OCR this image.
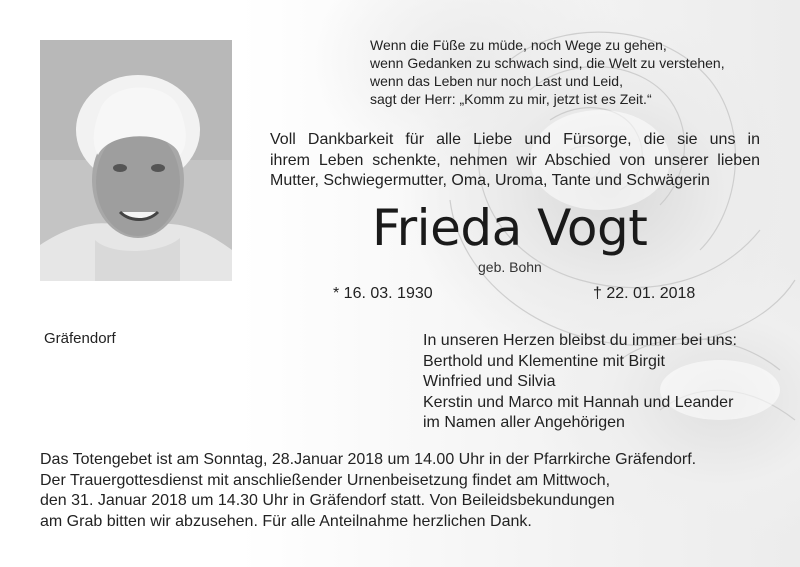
Wenn die Füße zu müde, noch Wege zu gehen,
wenn Gedanken zu schwach sind, die Welt zu verstehen,
wenn das Leben nur noch Last und Leid,
sagt der Herr: „Komm zu mir, jetzt ist es Zeit.“
Voll Dankbarkeit für alle Liebe und Fürsorge, die sie uns in
ihrem Leben schenkte, nehmen wir Abschied von unserer lieben
Mutter, Schwiegermutter, Oma, Uroma, Tante und Schwägerin
Frieda Vogt
geb. Bohn
* 16. 03. 1930	† 22. 01. 2018
Gräfendorf	In unseren Herzen bleibst du immer bei uns:
Berthold und Klementine mit Birgit
Winfried und Silvia
Kerstin und Marco mit Hannah und Leander
im Namen aller Angehörigen
Das Totengebet ist am Sonntag, 28.Januar 2018 um 14.00 Uhr in der Pfarrkirche Gräfendorf.
Der Trauergottesdienst mit anschließender Urnenbeisetzung findet am Mittwoch,
den 31. Januar 2018 um 14.30 Uhr in Gräfendorf statt. Von Beileidsbekundungen
am Grab bitten wir abzusehen. Für alle Anteilnahme herzlichen Dank.
